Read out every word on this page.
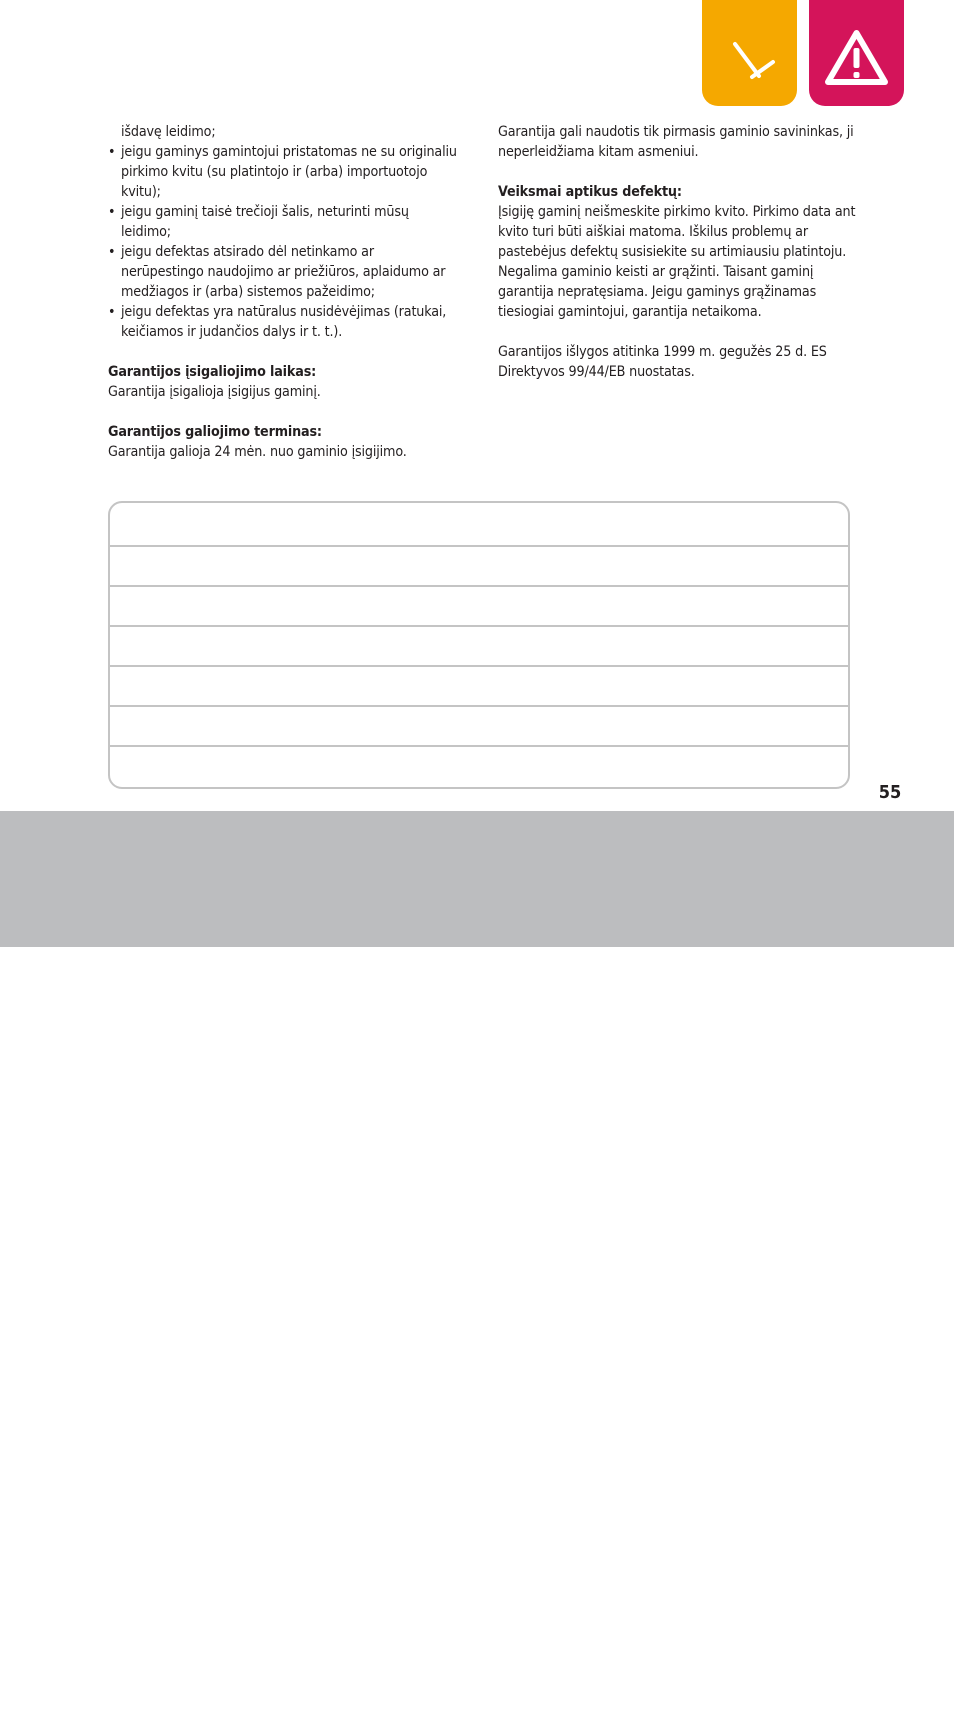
išdavę leidimo;

• jeigu gaminys gamintojui pristatomas ne su originaliu pirkimo kvitu (su platintojo ir (arba) importuotojo kvitu);

• jeigu gaminį taisė trečioji šalis, neturinti mūsų leidimo;

• jeigu defektas atsirado dėl netinkamo ar nerūpestingo naudojimo ar priežiūros, aplaidumo ar medžiagos ir (arba) sistemos pažeidimo;

• jeigu defektas yra natūralus nusidėvėjimas (ratukai, keičiamos ir judančios dalys ir t. t.).

Garantijos įsigaliojimo laikas:

Garantija įsigalioja įsigijus gaminį.

Garantijos galiojimo terminas:

Garantija galioja 24 mėn. nuo gaminio įsigijimo.

Garantija gali naudotis tik pirmasis gaminio savininkas, ji neperleidžiama kitam asmeniui.

Veiksmai aptikus defektų:

Įsigiję gaminį neišmeskite pirkimo kvito. Pirkimo data ant kvito turi būti aiškiai matoma. Iškilus problemų ar pastebėjus defektų susisiekite su artimiausiu platintoju.

Negalima gaminio keisti ar grąžinti. Taisant gaminį garantija nepratęsiama. Jeigu gaminys grąžinamas tiesiogiai gamintojui, garantija netaikoma.

Garantijos išlygos atitinka 1999 m. gegužės 25 d. ES Direktyvos 99/44/EB nuostatas.

55
LT
